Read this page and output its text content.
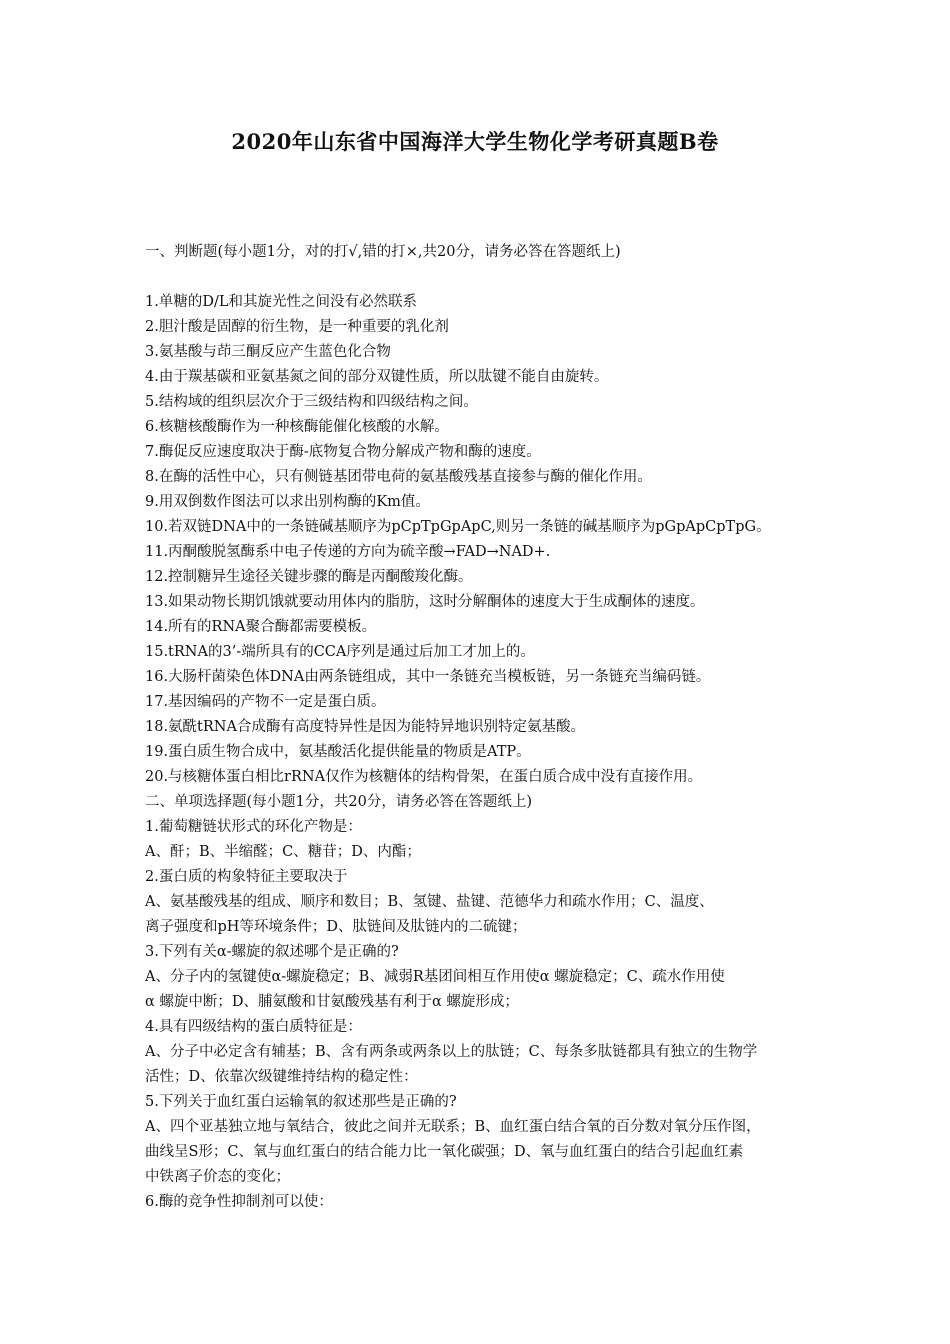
2020年山东省中国海洋大学生物化学考研真题B卷
一、判断题(每小题1分，对的打√,错的打×,共20分，请务必答在答题纸上)
1.单糖的D/L和其旋光性之间没有必然联系
2.胆汁酸是固醇的衍生物，是一种重要的乳化剂
3.氨基酸与茚三酮反应产生蓝色化合物
4.由于羰基碳和亚氨基氮之间的部分双键性质，所以肽键不能自由旋转。
5.结构域的组织层次介于三级结构和四级结构之间。
6.核糖核酸酶作为一种核酶能催化核酸的水解。
7.酶促反应速度取决于酶-底物复合物分解成产物和酶的速度。
8.在酶的活性中心，只有侧链基团带电荷的氨基酸残基直接参与酶的催化作用。
9.用双倒数作图法可以求出别构酶的Km值。
10.若双链DNA中的一条链碱基顺序为pCpTpGpApC,则另一条链的碱基顺序为pGpApCpTpG。
11.丙酮酸脱氢酶系中电子传递的方向为硫辛酸→FAD→NAD+.
12.控制糖异生途径关键步骤的酶是丙酮酸羧化酶。
13.如果动物长期饥饿就要动用体内的脂肪，这时分解酮体的速度大于生成酮体的速度。
14.所有的RNA聚合酶都需要模板。
15.tRNA的3’-端所具有的CCA序列是通过后加工才加上的。
16.大肠杆菌染色体DNA由两条链组成，其中一条链充当模板链，另一条链充当编码链。
17.基因编码的产物不一定是蛋白质。
18.氨酰tRNA合成酶有高度特异性是因为能特异地识别特定氨基酸。
19.蛋白质生物合成中，氨基酸活化提供能量的物质是ATP。
20.与核糖体蛋白相比rRNA仅作为核糖体的结构骨架，在蛋白质合成中没有直接作用。
二、单项选择题(每小题1分，共20分，请务必答在答题纸上)
1.葡萄糖链状形式的环化产物是：
A、酐；B、半缩醛；C、糖苷；D、内酯；
2.蛋白质的构象特征主要取决于
A、氨基酸残基的组成、顺序和数目；B、氢键、盐键、范德华力和疏水作用；C、温度、
离子强度和pH等环境条件；D、肽链间及肽链内的二硫键；
3.下列有关α-螺旋的叙述哪个是正确的?
A、分子内的氢键使α-螺旋稳定；B、减弱R基团间相互作用使α 螺旋稳定；C、疏水作用使
α 螺旋中断；D、脯氨酸和甘氨酸残基有利于α 螺旋形成；
4.具有四级结构的蛋白质特征是：
A、分子中必定含有辅基；B、含有两条或两条以上的肽链；C、每条多肽链都具有独立的生物学
活性；D、依靠次级键维持结构的稳定性：
5.下列关于血红蛋白运输氧的叙述那些是正确的?
A、四个亚基独立地与氧结合，彼此之间并无联系；B、血红蛋白结合氧的百分数对氧分压作图，
曲线呈S形；C、氧与血红蛋白的结合能力比一氧化碳强；D、氧与血红蛋白的结合引起血红素
中铁离子价态的变化；
6.酶的竞争性抑制剂可以使：
